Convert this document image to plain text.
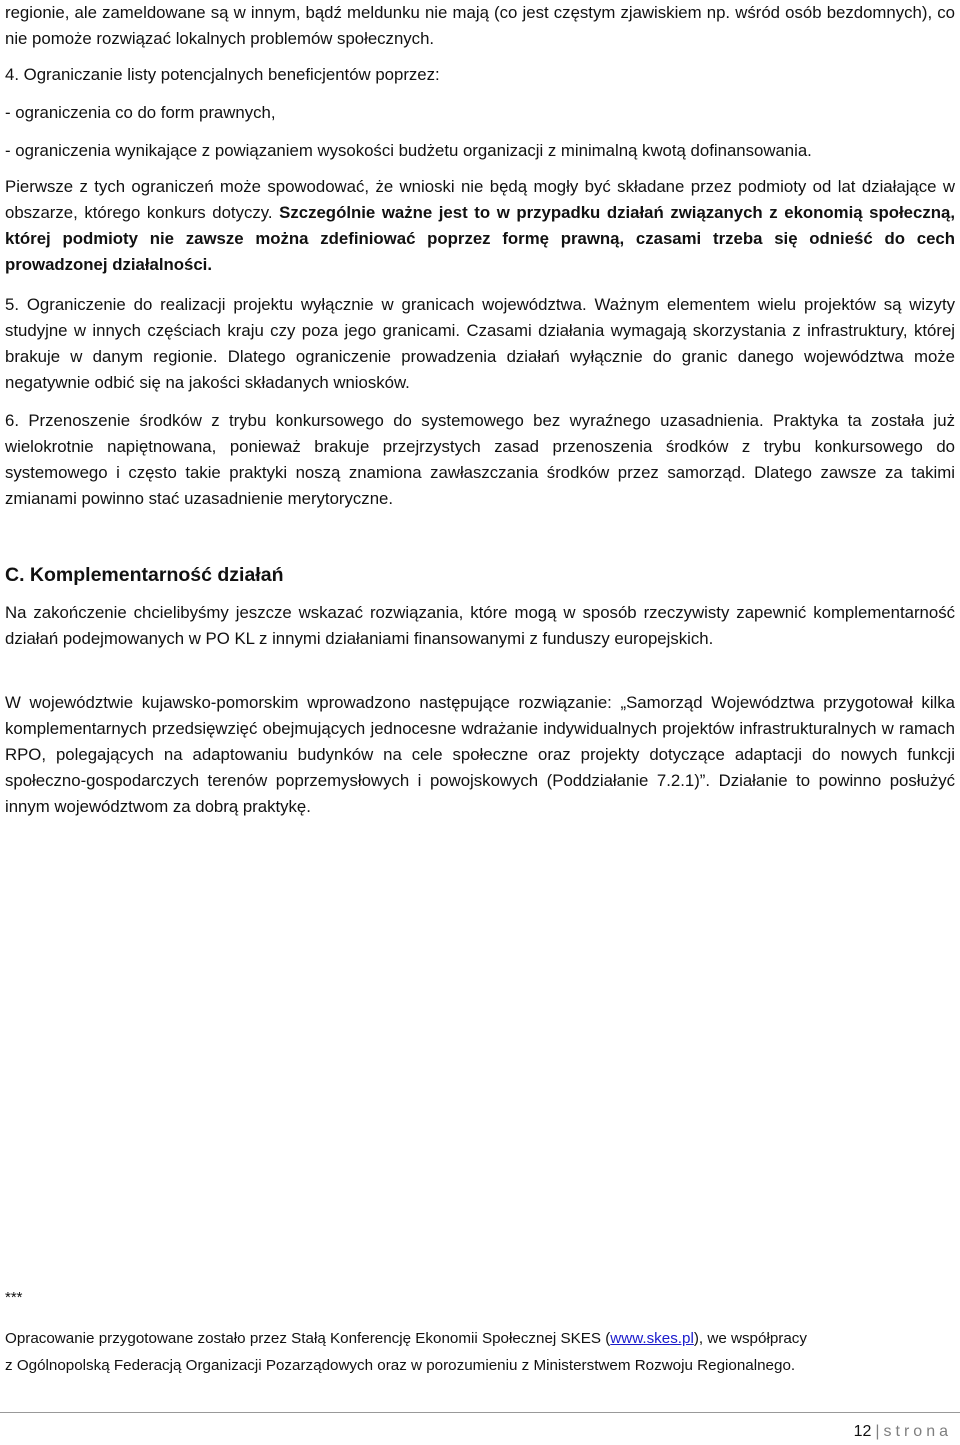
regionie, ale zameldowane są w innym, bądź meldunku nie mają (co jest częstym zjawiskiem np. wśród osób bezdomnych), co nie pomoże rozwiązać lokalnych problemów społecznych.

4. Ograniczanie listy potencjalnych beneficjentów poprzez:

- ograniczenia co do form prawnych,

- ograniczenia wynikające z powiązaniem wysokości budżetu organizacji z minimalną kwotą dofinansowania.

Pierwsze z tych ograniczeń może spowodować, że wnioski nie będą mogły być składane przez podmioty od lat działające w obszarze, którego konkurs dotyczy. Szczególnie ważne jest to w przypadku działań związanych z ekonomią społeczną, której podmioty nie zawsze można zdefiniować poprzez formę prawną, czasami trzeba się odnieść do cech prowadzonej działalności.

5. Ograniczenie do realizacji projektu wyłącznie w granicach województwa. Ważnym elementem wielu projektów są wizyty studyjne w innych częściach kraju czy poza jego granicami. Czasami działania wymagają skorzystania z infrastruktury, której brakuje w danym regionie. Dlatego ograniczenie prowadzenia działań wyłącznie do granic danego województwa może negatywnie odbić się na jakości składanych wniosków.

6. Przenoszenie środków z trybu konkursowego do systemowego bez wyraźnego uzasadnienia. Praktyka ta została już wielokrotnie napiętnowana, ponieważ brakuje przejrzystych zasad przenoszenia środków z trybu konkursowego do systemowego i często takie praktyki noszą znamiona zawłaszczania środków przez samorząd. Dlatego zawsze za takimi zmianami powinno stać uzasadnienie merytoryczne.

C. Komplementarność działań

Na zakończenie chcielibyśmy jeszcze wskazać rozwiązania, które mogą w sposób rzeczywisty zapewnić komplementarność działań podejmowanych w PO KL z innymi działaniami finansowanymi z funduszy europejskich.

W województwie kujawsko-pomorskim wprowadzono następujące rozwiązanie: „Samorząd Województwa przygotował kilka komplementarnych przedsięwzięć obejmujących jednocesne wdrażanie indywidualnych projektów infrastrukturalnych w ramach RPO, polegających na adaptowaniu budynków na cele społeczne oraz projekty dotyczące adaptacji do nowych funkcji społeczno-gospodarczych terenów poprzemysłowych i powojskowych (Poddziałanie 7.2.1)”. Działanie to powinno posłużyć innym województwom za dobrą praktykę.

***

Opracowanie przygotowane zostało przez Stałą Konferencję Ekonomii Społecznej SKES (www.skes.pl), we współpracy

z Ogólnopolską Federacją Organizacji Pozarządowych oraz w porozumieniu z Ministerstwem Rozwoju Regionalnego.

12 | strona
